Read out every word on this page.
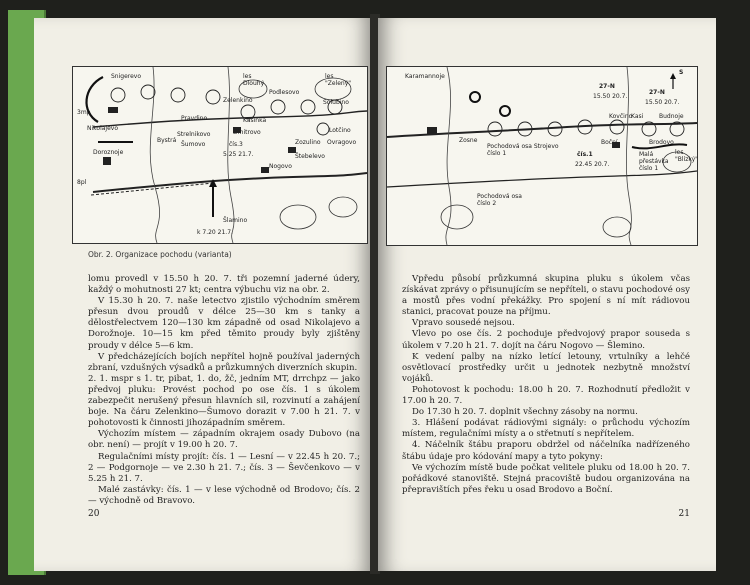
Snigerevo
Nikolajevo
3mp
Doroznoje
8pl
Bystrá
Pravdino
Strelnikovo
Šumovo
Zelenkino
Dmitrovo
Kasinka
Podlesovo
les
Dlouhý
les
"Zelený"
Solubino
Lotčino
Ovragovo
Zozulino
Štebelevo
čís.3
5.25 21.7.
Nogovo
Šlamino
k 7.20 21.7.
Obr. 2. Organizace pochodu (varianta)

lomu provedl v 15.50 h 20. 7. tři pozemní jaderné údery, každý o mohutnosti 27 kt; centra výbuchu viz na obr. 2.

V 15.30 h 20. 7. naše letectvo zjistilo východním směrem přesun dvou proudů v délce 25—30 km s tanky a dělostřelectvem 120—130 km západně od osad Nikolajevo a Dorožnoje. 10—15 km před těmito proudy byly zjištěny proudy v délce 5—6 km.

V předcházejících bojích nepřítel hojně používal jaderných zbraní, vzdušných výsadků a průzkumných diverzních skupin.

2. 1. mspr s 1. tr, pibat, 1. do, žč, jedním MT, drrchpz — jako předvoj pluku: Provést pochod po ose čís. 1 s úkolem zabezpečit nerušený přesun hlavních sil, rozvinutí a zahájení boje. Na čáru Zelenkino—Šumovo dorazit v 7.00 h 21. 7. v pohotovosti k činnosti jihozápadním směrem.

Výchozím místem — západním okrajem osady Dubovo (na obr. není) — projít v 19.00 h 20. 7.

Regulačními místy projít: čís. 1 — Lesní — v 22.45 h 20. 7.; 2 — Podgornoje — ve 2.30 h 21. 7.; čís. 3 — Ševčenkovo — v 5.25 h 21. 7.

Malé zastávky: čís. 1 — v lese východně od Brodovo; čís. 2 — východně od Bravovo.

20
Karamannoje
27-N
15.50 20.7.
27-N
15.50 20.7.
S
Kovčino
Kasi
Boční
Budnoje
Pochodová osa Strojevo
číslo 1
Zosne
čís.1
22.45 20.7.
Brodovo
Malá
přestávka
číslo 1
les
"Blízký"
Pochodová osa
číslo 2

Vpředu působí průzkumná skupina pluku s úkolem včas získávat zprávy o přisunujícím se nepříteli, o stavu pochodové osy a mostů přes vodní překážky. Pro spojení s ní mít rádiovou stanici, pracovat pouze na příjmu.

Vpravo sousedé nejsou.

Vlevo po ose čís. 2 pochoduje předvojový prapor souseda s úkolem v 7.20 h 21. 7. dojít na čáru Nogovo — Šlemino.

K vedení palby na nízko letící letouny, vrtulníky a lehčé osvětlovací prostředky určit u jednotek nezbytně množství vojáků.

Pohotovost k pochodu: 18.00 h 20. 7. Rozhodnutí předložit v 17.00 h 20. 7.

Do 17.30 h 20. 7. doplnit všechny zásoby na normu.

3. Hlášení podávat rádiovými signály: o průchodu výchozím místem, regulačními místy a o střetnutí s nepřítelem.

4. Náčelník štábu praporu obdržel od náčelníka nadřízeného štábu údaje pro kódování mapy a tyto pokyny:

Ve výchozím místě bude počkat velitele pluku od 18.00 h 20. 7. pořádkové stanoviště. Stejná pracoviště budou organizována na přepravištích přes řeku u osad Brodovo a Boční.

21
